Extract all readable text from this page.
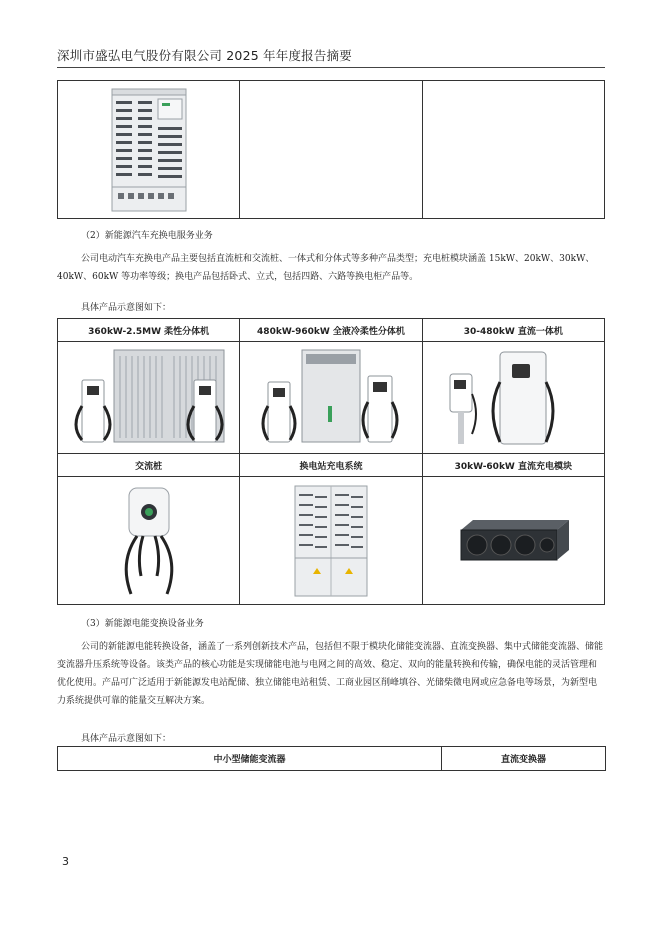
深圳市盛弘电气股份有限公司 2025 年年度报告摘要

（2）新能源汽车充换电服务业务

公司电动汽车充换电产品主要包括直流桩和交流桩、一体式和分体式等多种产品类型；充电桩模块涵盖 15kW、20kW、30kW、40kW、60kW 等功率等级；换电产品包括卧式、立式，包括四路、六路等换电柜产品等。

具体产品示意图如下：
360kW-2.5MW 柔性分体机	480kW-960kW 全液冷柔性分体机	30-480kW 直流一体机

交流桩	换电站充电系统	30kW-60kW 直流充电模块

（3）新能源电能变换设备业务

公司的新能源电能转换设备，涵盖了一系列创新技术产品，包括但不限于模块化储能变流器、直流变换器、集中式储能变流器、储能变流器升压系统等设备。该类产品的核心功能是实现储能电池与电网之间的高效、稳定、双向的能量转换和传输，确保电能的灵活管理和优化使用。产品可广泛适用于新能源发电站配储、独立储能电站租赁、工商业园区削峰填谷、光储柴微电网或应急备电等场景，为新型电力系统提供可靠的能量交互解决方案。

具体产品示意图如下：
中小型储能变流器	直流变换器
3
